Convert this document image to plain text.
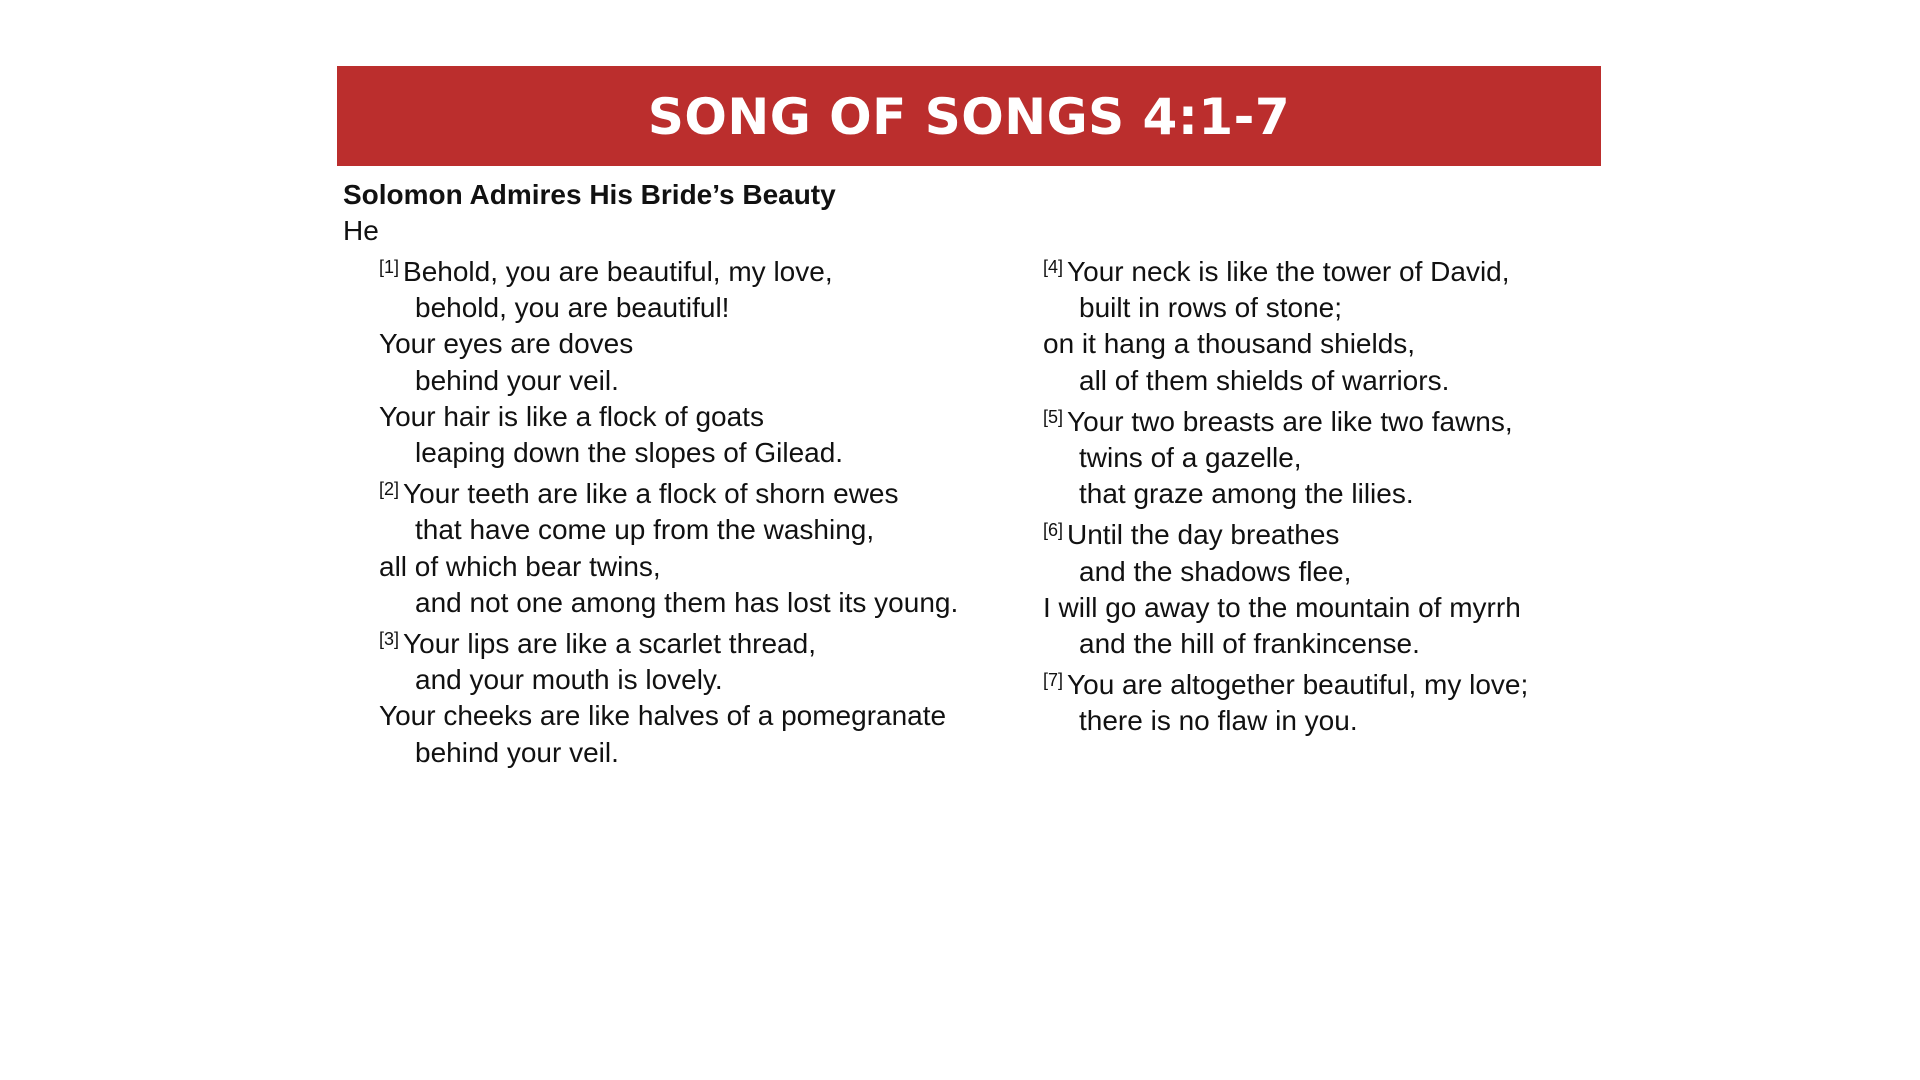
SONG OF SONGS 4:1-7
Solomon Admires His Bride’s Beauty
He
[1] Behold, you are beautiful, my love,
behold, you are beautiful!
Your eyes are doves
behind your veil.
Your hair is like a flock of goats
leaping down the slopes of Gilead.
[2] Your teeth are like a flock of shorn ewes
that have come up from the washing,
all of which bear twins,
and not one among them has lost its young.
[3] Your lips are like a scarlet thread,
and your mouth is lovely.
Your cheeks are like halves of a pomegranate
behind your veil.
[4] Your neck is like the tower of David,
built in rows of stone;
on it hang a thousand shields,
all of them shields of warriors.
[5] Your two breasts are like two fawns,
twins of a gazelle,
that graze among the lilies.
[6] Until the day breathes
and the shadows flee,
I will go away to the mountain of myrrh
and the hill of frankincense.
[7] You are altogether beautiful, my love;
there is no flaw in you.
